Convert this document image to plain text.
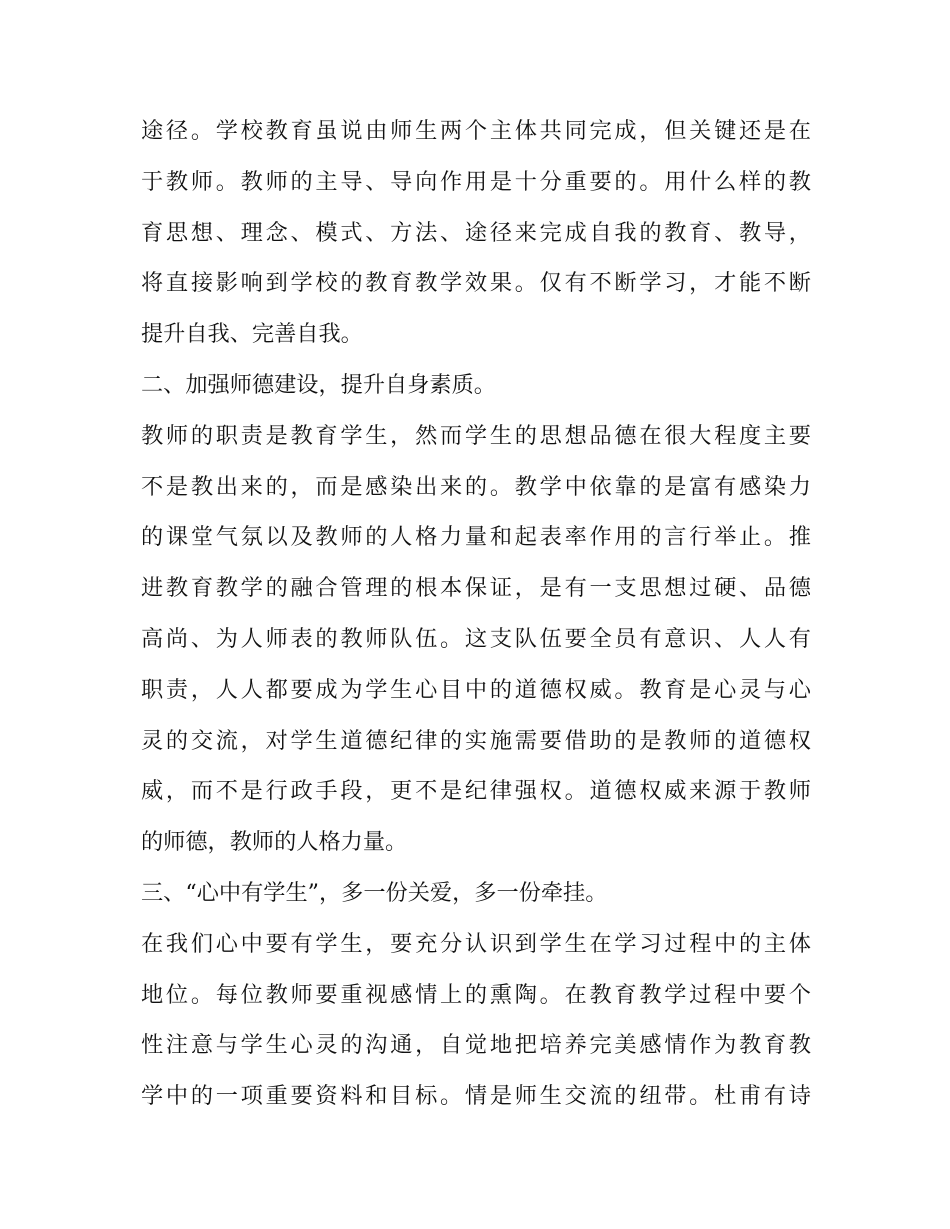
途径。学校教育虽说由师生两个主体共同完成，但关键还是在
于教师。教师的主导、导向作用是十分重要的。用什么样的教
育思想、理念、模式、方法、途径来完成自我的教育、教导，
将直接影响到学校的教育教学效果。仅有不断学习，才能不断
提升自我、完善自我。
二、加强师德建设，提升自身素质。
教师的职责是教育学生，然而学生的思想品德在很大程度主要
不是教出来的，而是感染出来的。教学中依靠的是富有感染力
的课堂气氛以及教师的人格力量和起表率作用的言行举止。推
进教育教学的融合管理的根本保证，是有一支思想过硬、品德
高尚、为人师表的教师队伍。这支队伍要全员有意识、人人有
职责，人人都要成为学生心目中的道德权威。教育是心灵与心
灵的交流，对学生道德纪律的实施需要借助的是教师的道德权
威，而不是行政手段，更不是纪律强权。道德权威来源于教师
的师德，教师的人格力量。
三、“心中有学生”，多一份关爱，多一份牵挂。
在我们心中要有学生，要充分认识到学生在学习过程中的主体
地位。每位教师要重视感情上的熏陶。在教育教学过程中要个
性注意与学生心灵的沟通，自觉地把培养完美感情作为教育教
学中的一项重要资料和目标。情是师生交流的纽带。杜甫有诗
